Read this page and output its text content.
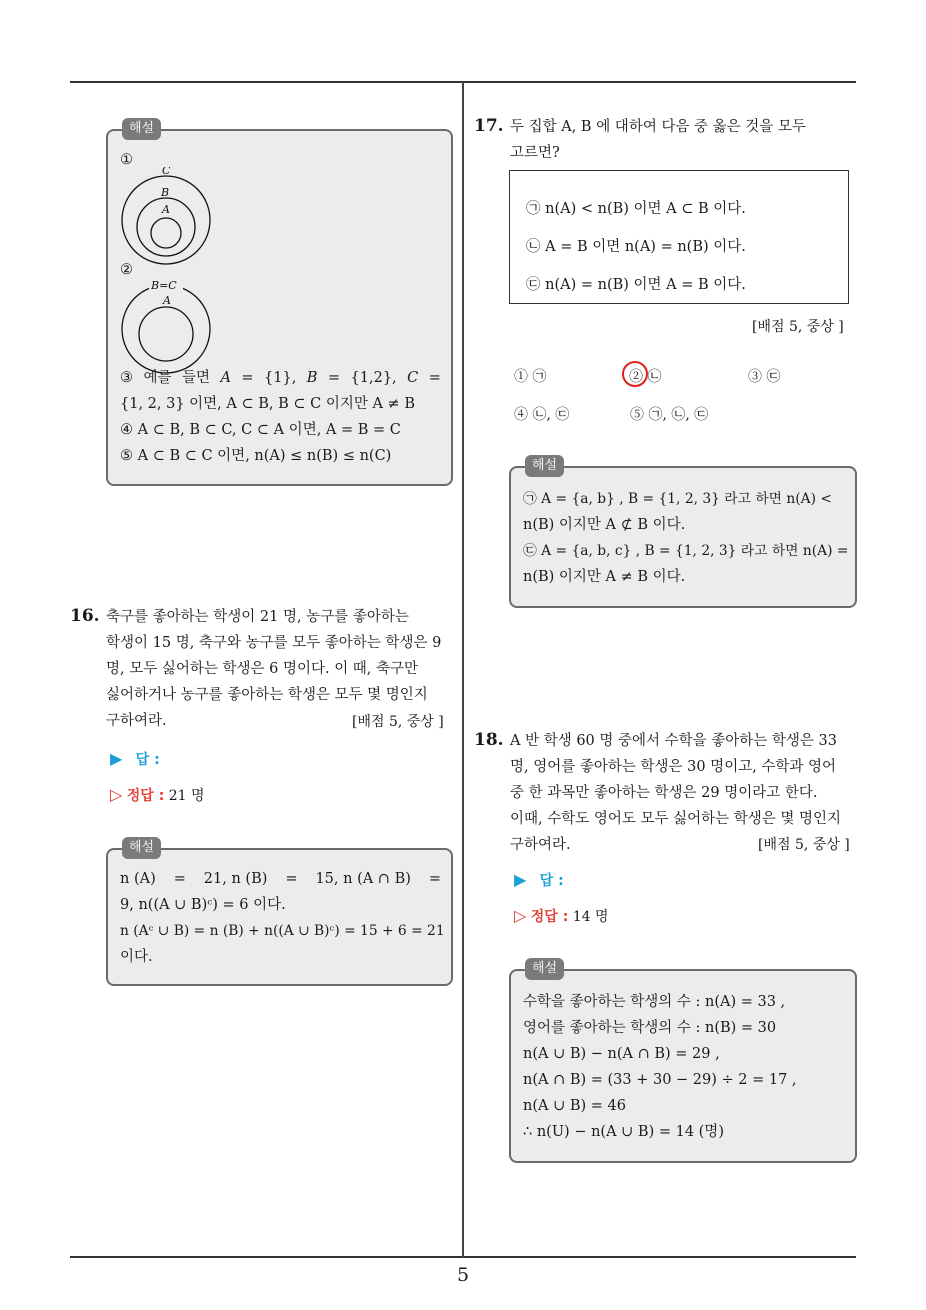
5
해설
①
C
B
A
②
B=C
A
③ 예를 들면 A = {1}, B = {1,2}, C =
{1, 2, 3} 이면, A ⊂ B, B ⊂ C 이지만 A ≠ B
④ A ⊂ B, B ⊂ C, C ⊂ A 이면, A = B = C
⑤ A ⊂ B ⊂ C 이면, n(A) ≤ n(B) ≤ n(C)
16. 축구를 좋아하는 학생이 21 명, 농구를 좋아하는
학생이 15 명, 축구와 농구를 모두 좋아하는 학생은 9
명, 모두 싫어하는 학생은 6 명이다. 이 때, 축구만
싫어하거나 농구를 좋아하는 학생은 모두 몇 명인지
구하여라.	[배점 5, 중상 ]
▶ 답 :
▷ 정답 : 21 명
해설
n (A) = 21, n (B) = 15, n (A ∩ B) =
9, n((A ∪ B)ᶜ) = 6 이다.
n (Aᶜ ∪ B) = n (B) + n((A ∪ B)ᶜ) = 15 + 6 = 21
이다.
17. 두 집합 A, B 에 대하여 다음 중 옳은 것을 모두
고르면?
㉠ n(A) < n(B) 이면 A ⊂ B 이다.
㉡ A = B 이면 n(A) = n(B) 이다.
㉢ n(A) = n(B) 이면 A = B 이다.
[배점 5, 중상 ]
① ㉠	② ㉡	③ ㉢
④ ㉡, ㉢	⑤ ㉠, ㉡, ㉢
해설
㉠ A = {a, b} , B = {1, 2, 3} 라고 하면 n(A) <
n(B) 이지만 A ⊄ B 이다.
㉢ A = {a, b, c} , B = {1, 2, 3} 라고 하면 n(A) =
n(B) 이지만 A ≠ B 이다.
18. A 반 학생 60 명 중에서 수학을 좋아하는 학생은 33
명, 영어를 좋아하는 학생은 30 명이고, 수학과 영어
중 한 과목만 좋아하는 학생은 29 명이라고 한다.
이때, 수학도 영어도 모두 싫어하는 학생은 몇 명인지
구하여라.	[배점 5, 중상 ]
▶ 답 :
▷ 정답 : 14 명
해설
수학을 좋아하는 학생의 수 : n(A) = 33 ,
영어를 좋아하는 학생의 수 : n(B) = 30
n(A ∪ B) − n(A ∩ B) = 29 ,
n(A ∩ B) = (33 + 30 − 29) ÷ 2 = 17 ,
n(A ∪ B) = 46
∴ n(U) − n(A ∪ B) = 14 (명)
